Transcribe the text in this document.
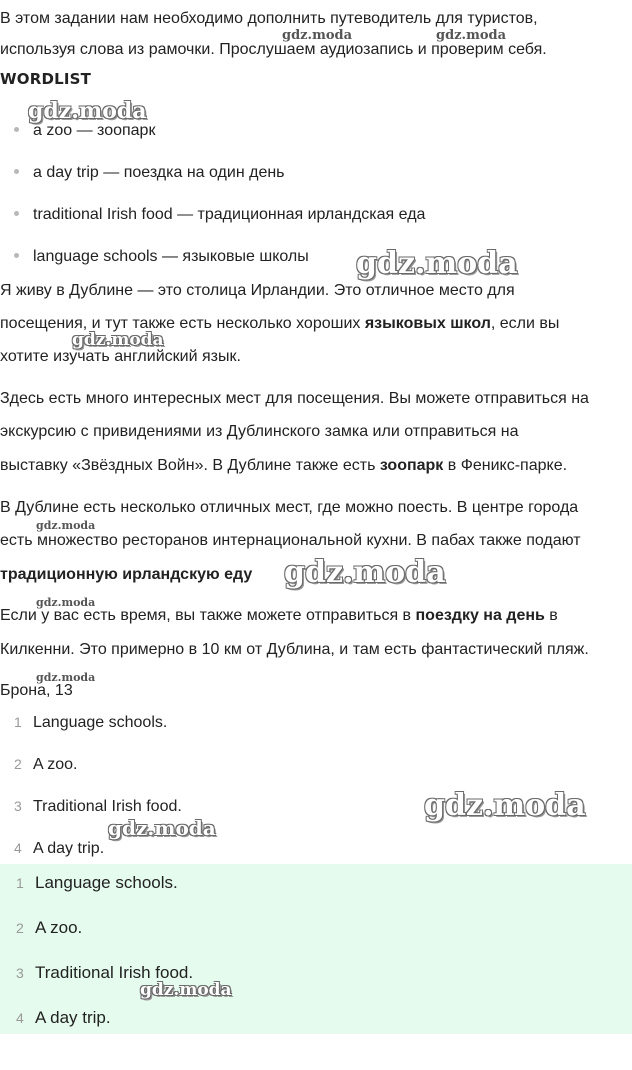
В этом задании нам необходимо дополнить путеводитель для туристов,

используя слова из рамочки. Прослушаем аудиозапись и проверим себя.

WORDLIST
a zoo — зоопарк
a day trip — поездка на один день
traditional Irish food — традиционная ирландская еда
language schools — языковые школы

Я живу в Дублине — это столица Ирландии. Это отличное место для

посещения, и тут также есть несколько хороших языковых школ, если вы

хотите изучать английский язык.

Здесь есть много интересных мест для посещения. Вы можете отправиться на

экскурсию с привидениями из Дублинского замка или отправиться на

выставку «Звёздных Войн». В Дублине также есть зоопарк в Феникс-парке.

В Дублине есть несколько отличных мест, где можно поесть. В центре города

есть множество ресторанов интернациональной кухни. В пабах также подают

традиционную ирландскую еду

Если у вас есть время, вы также можете отправиться в поездку на день в

Килкенни. Это примерно в 10 км от Дублина, и там есть фантастический пляж.

Брона, 13

1 Language schools.
2 A zoo.
3 Traditional Irish food.
4 A day trip.
1 Language schools.
2 A zoo.
3 Traditional Irish food.
4 A day trip.
gdz.moda	gdz.moda
gdz.moda
gdz.moda
gdz.moda
gdz.moda
gdz.moda
gdz.moda
gdz.moda
gdz.moda
gdz.moda
gdz.moda
